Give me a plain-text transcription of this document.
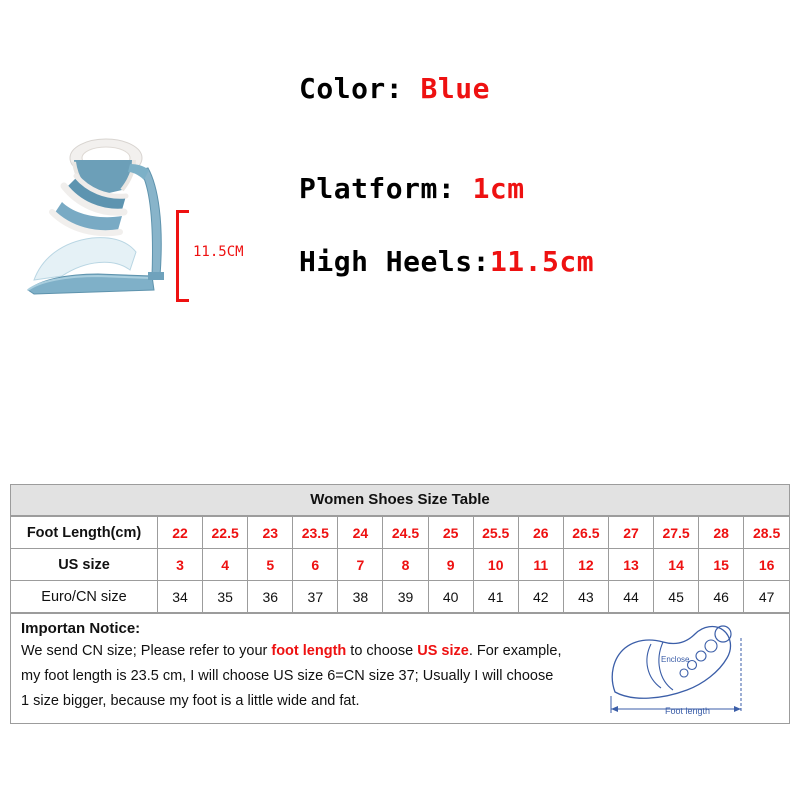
11.5CM
Color: Blue
Platform: 1cm
High Heels:11.5cm
Women Shoes Size Table
Foot Length(cm)	22	22.5	23	23.5	24	24.5	25	25.5	26	26.5	27	27.5	28	28.5
US size	3	4	5	6	7	8	9	10	11	12	13	14	15	16
Euro/CN size	34	35	36	37	38	39	40	41	42	43	44	45	46	47
Importan Notice:
We send CN size; Please refer to your foot length to choose US size. For example,
my foot length is 23.5 cm, I will choose US size 6=CN size 37; Usually I will choose
1 size bigger, because my foot is a little wide and fat.
Enclose
Foot length
